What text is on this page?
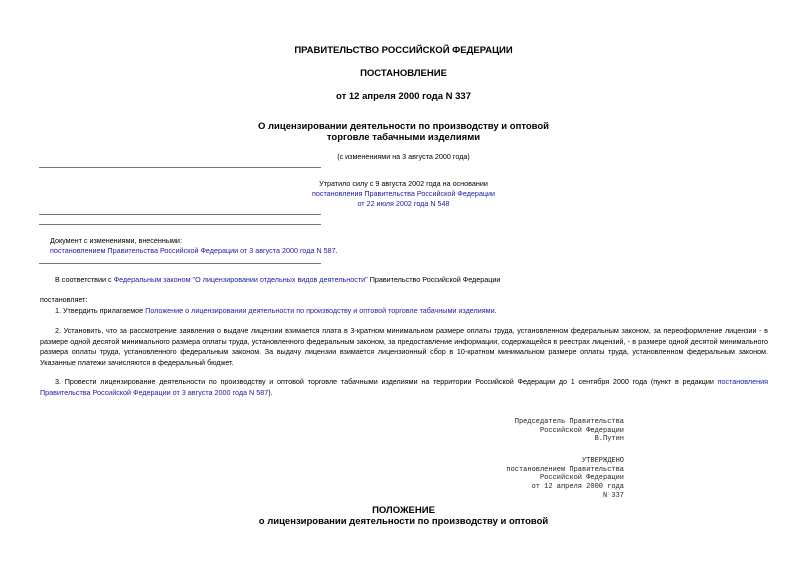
ПРАВИТЕЛЬСТВО РОССИЙСКОЙ ФЕДЕРАЦИИ
ПОСТАНОВЛЕНИЕ
от 12 апреля 2000 года N 337
О лицензировании деятельности по производству и оптовой
торговле табачными изделиями
(с изменениями на 3 августа 2000 года)
Утратило силу с 9 августа 2002 года на основании
постановления Правительства Российской Федерации
от 22 июля 2002 года N 548
Документ с изменениями, внесенными:
постановлением Правительства Российской Федерации от 3 августа 2000 года N 587.
В соответствии с Федеральным законом "О лицензировании отдельных видов деятельности" Правительство Российской Федерации
постановляет:
1. Утвердить прилагаемое Положение о лицензировании деятельности по производству и оптовой торговле табачными изделиями.
2. Установить, что за рассмотрение заявления о выдаче лицензии взимается плата в 3-кратном минимальном размере оплаты труда, установленном федеральным законом, за переоформление лицензии - в размере одной десятой минимального размера оплаты труда, установленного федеральным законом, за предоставление информации, содержащейся в реестрах лицензий, - в размере одной десятой минимального размера оплаты труда, установленного федеральным законом. За выдачу лицензии взимается лицензионный сбор в 10-кратном минимальном размере оплаты труда, установленном федеральным законом. Указанные платежи зачисляются в федеральный бюджет.
3. Провести лицензирование деятельности по производству и оптовой торговле табачными изделиями на территории Российской Федерации до 1 сентября 2000 года (пункт в редакции постановления Правительства Российской Федерации от 3 августа 2000 года N 587).
Председатель Правительства
Российской Федерации
В.Путин
УТВЕРЖДЕНО
постановлением Правительства
Российской Федерации
от 12 апреля 2000 года
N 337
ПОЛОЖЕНИЕ
о лицензировании деятельности по производству и оптовой
